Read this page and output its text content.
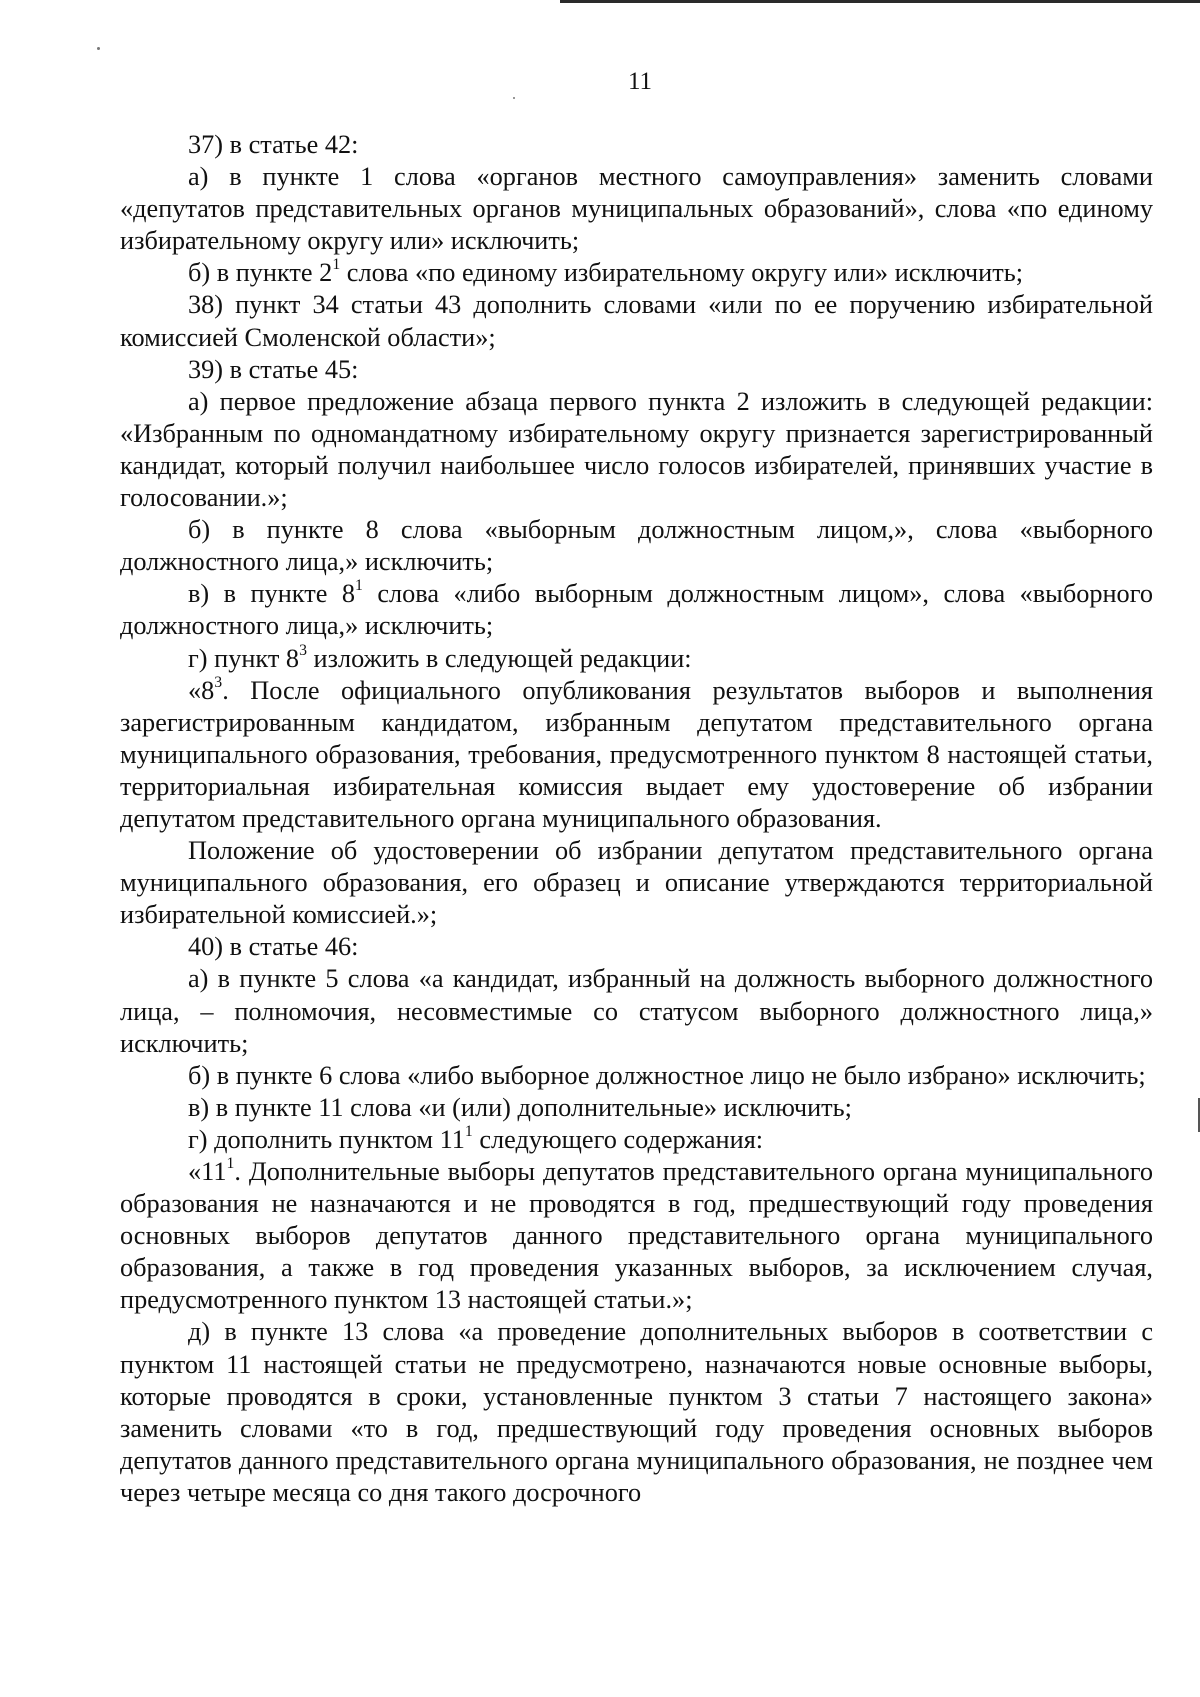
11

37) в статье 42:

а) в пункте 1 слова «органов местного самоуправления» заменить словами «депутатов представительных органов муниципальных образований», слова «по единому избирательному округу или» исключить;

б) в пункте $2^1$ слова «по единому избирательному округу или» исключить;

38) пункт 34 статьи 43 дополнить словами «или по ее поручению избирательной комиссией Смоленской области»;

39) в статье 45:

а) первое предложение абзаца первого пункта 2 изложить в следующей редакции: «Избранным по одномандатному избирательному округу признается зарегистрированный кандидат, который получил наибольшее число голосов избирателей, принявших участие в голосовании.»;

б) в пункте 8 слова «выборным должностным лицом,», слова «выборного должностного лица,» исключить;

в) в пункте $8^1$ слова «либо выборным должностным лицом», слова «выборного должностного лица,» исключить;

г) пункт $8^3$ изложить в следующей редакции:

«$8^3$. После официального опубликования результатов выборов и выполнения зарегистрированным кандидатом, избранным депутатом представительного органа муниципального образования, требования, предусмотренного пунктом 8 настоящей статьи, территориальная избирательная комиссия выдает ему удостоверение об избрании депутатом представительного органа муниципального образования.

Положение об удостоверении об избрании депутатом представительного органа муниципального образования, его образец и описание утверждаются территориальной избирательной комиссией.»;

40) в статье 46:

а) в пункте 5 слова «а кандидат, избранный на должность выборного должностного лица, – полномочия, несовместимые со статусом выборного должностного лица,» исключить;

б) в пункте 6 слова «либо выборное должностное лицо не было избрано» исключить;

в) в пункте 11 слова «и (или) дополнительные» исключить;

г) дополнить пунктом $11^1$ следующего содержания:

«$11^1$. Дополнительные выборы депутатов представительного органа муниципального образования не назначаются и не проводятся в год, предшествующий году проведения основных выборов депутатов данного представительного органа муниципального образования, а также в год проведения указанных выборов, за исключением случая, предусмотренного пунктом 13 настоящей статьи.»;

д) в пункте 13 слова «а проведение дополнительных выборов в соответствии с пунктом 11 настоящей статьи не предусмотрено, назначаются новые основные выборы, которые проводятся в сроки, установленные пунктом 3 статьи 7 настоящего закона» заменить словами «то в год, предшествующий году проведения основных выборов депутатов данного представительного органа муниципального образования, не позднее чем через четыре месяца со дня такого досрочного
